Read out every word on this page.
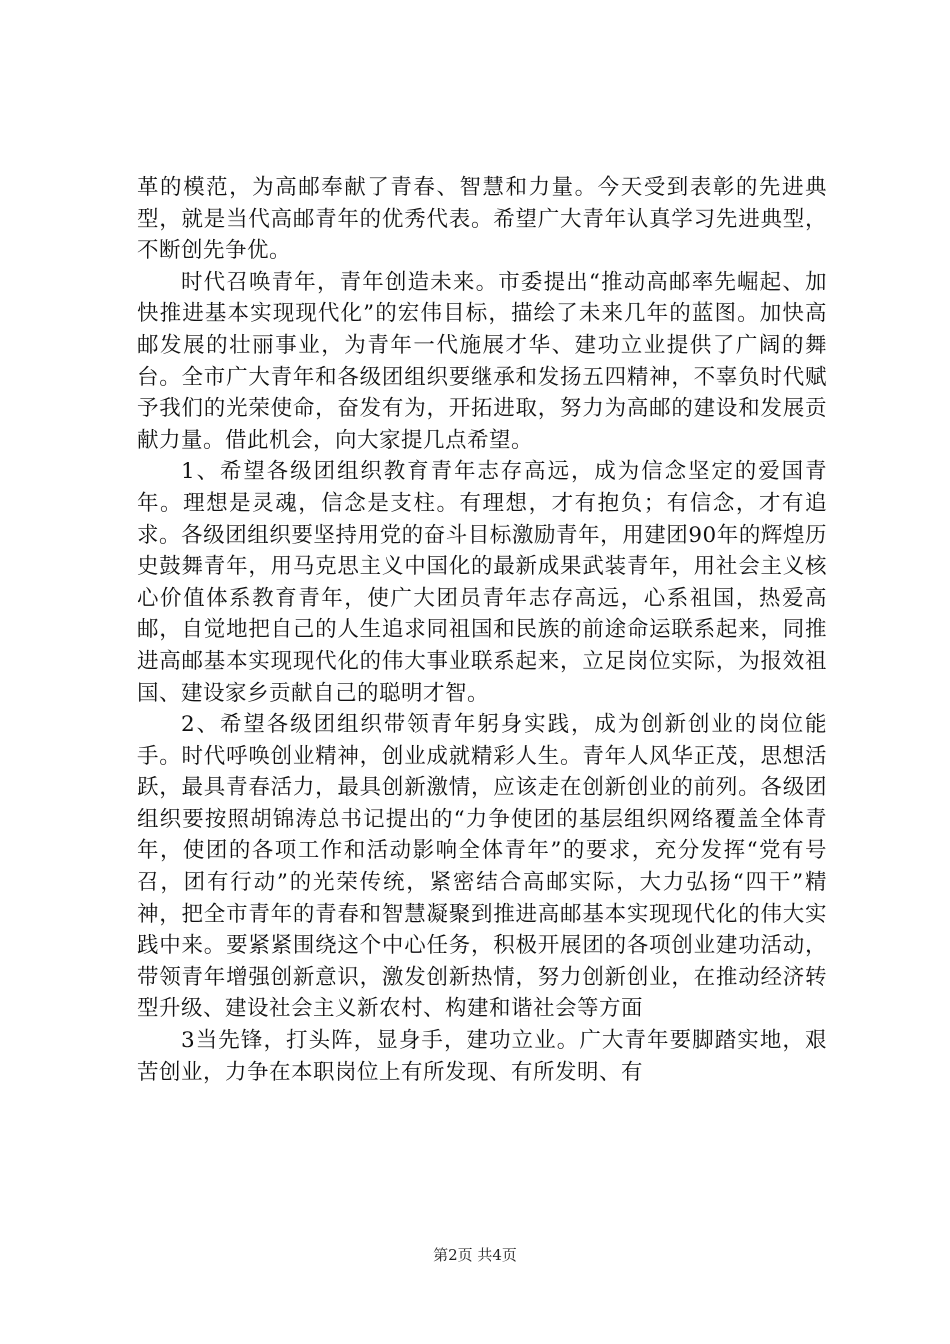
革的模范，为高邮奉献了青春、智慧和力量。今天受到表彰的先进典型，就是当代高邮青年的优秀代表。希望广大青年认真学习先进典型，不断创先争优。

时代召唤青年，青年创造未来。市委提出“推动高邮率先崛起、加快推进基本实现现代化”的宏伟目标，描绘了未来几年的蓝图。加快高邮发展的壮丽事业，为青年一代施展才华、建功立业提供了广阔的舞台。全市广大青年和各级团组织要继承和发扬五四精神，不辜负时代赋予我们的光荣使命，奋发有为，开拓进取，努力为高邮的建设和发展贡献力量。借此机会，向大家提几点希望。

1、希望各级团组织教育青年志存高远，成为信念坚定的爱国青年。理想是灵魂，信念是支柱。有理想，才有抱负；有信念，才有追求。各级团组织要坚持用党的奋斗目标激励青年，用建团90年的辉煌历史鼓舞青年，用马克思主义中国化的最新成果武装青年，用社会主义核心价值体系教育青年，使广大团员青年志存高远，心系祖国，热爱高邮，自觉地把自己的人生追求同祖国和民族的前途命运联系起来，同推进高邮基本实现现代化的伟大事业联系起来，立足岗位实际，为报效祖国、建设家乡贡献自己的聪明才智。

2、希望各级团组织带领青年躬身实践，成为创新创业的岗位能手。时代呼唤创业精神，创业成就精彩人生。青年人风华正茂，思想活跃，最具青春活力，最具创新激情，应该走在创新创业的前列。各级团组织要按照胡锦涛总书记提出的“力争使团的基层组织网络覆盖全体青年，使团的各项工作和活动影响全体青年”的要求，充分发挥“党有号召，团有行动”的光荣传统，紧密结合高邮实际，大力弘扬“四干”精神，把全市青年的青春和智慧凝聚到推进高邮基本实现现代化的伟大实践中来。要紧紧围绕这个中心任务，积极开展团的各项创业建功活动，带领青年增强创新意识，激发创新热情，努力创新创业，在推动经济转型升级、建设社会主义新农村、构建和谐社会等方面

3当先锋，打头阵，显身手，建功立业。广大青年要脚踏实地，艰苦创业，力争在本职岗位上有所发现、有所发明、有

第2页 共4页
